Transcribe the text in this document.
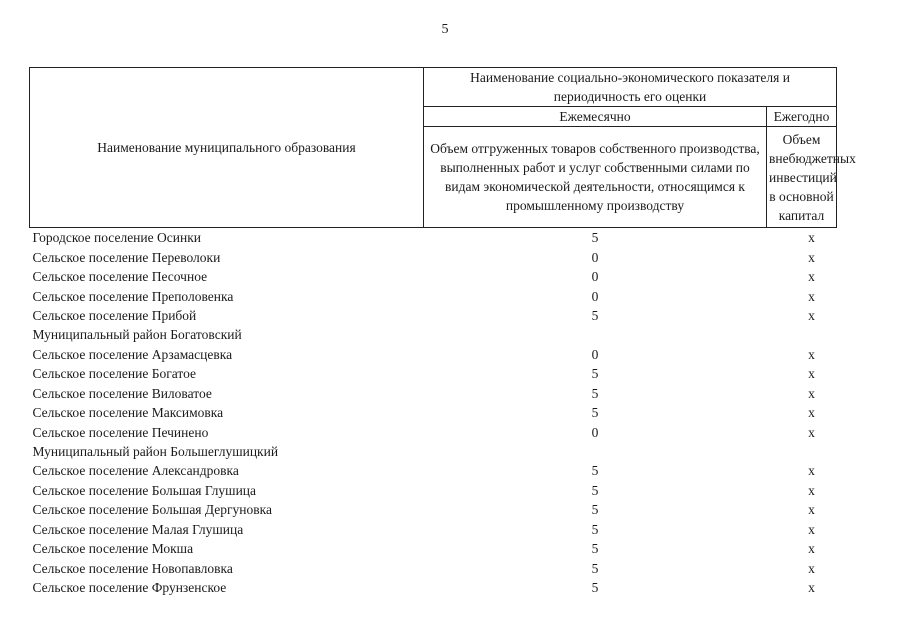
5
Наименование муниципального образования	Наименование социально-экономического показателя и периодичность его оценки	
	Ежемесячно	Ежегодно
	Объем отгруженных товаров собственного производства, выполненных работ и услуг собственными силами по видам экономической деятельности, относящимся к промышленному производству	Объем внебюджетных инвестиций в основной капитал
Городское поселение Осинки	5	x
Сельское поселение Переволоки	0	x
Сельское поселение Песочное	0	x
Сельское поселение Преполовенка	0	x
Сельское поселение Прибой	5	x
Муниципальный район Богатовский		
Сельское поселение Арзамасцевка	0	x
Сельское поселение Богатое	5	x
Сельское поселение Виловатое	5	x
Сельское поселение Максимовка	5	x
Сельское поселение Печинено	0	x
Муниципальный район Большеглушицкий		
Сельское поселение Александровка	5	x
Сельское поселение Большая Глушица	5	x
Сельское поселение Большая Дергуновка	5	x
Сельское поселение Малая Глушица	5	x
Сельское поселение Мокша	5	x
Сельское поселение Новопавловка	5	x
Сельское поселение Фрунзенское	5	x
